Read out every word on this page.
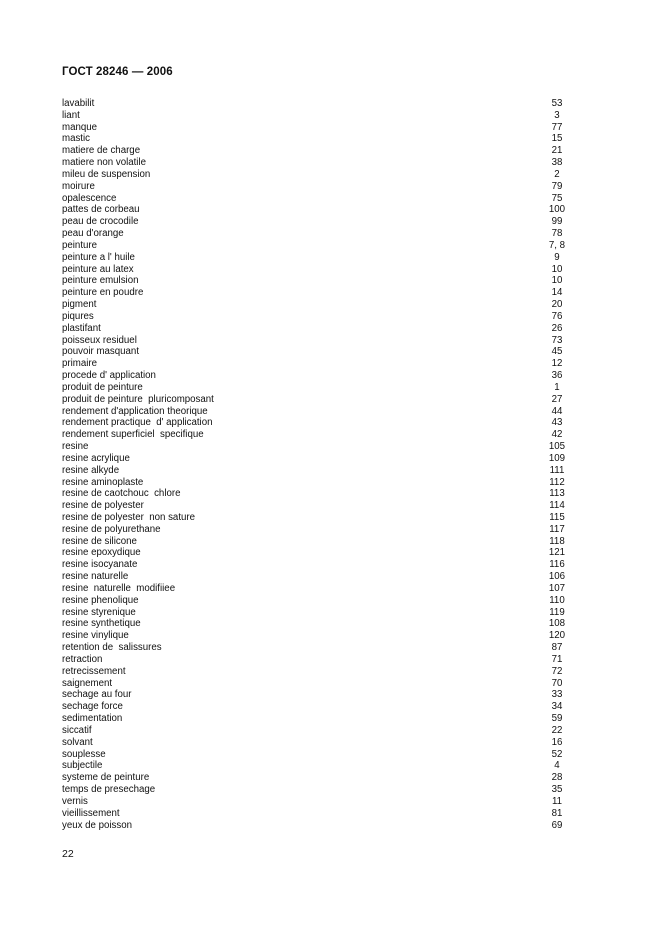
ГОСТ 28246 — 2006
lavabilit	53
liant	3
manque	77
mastic	15
matiere de charge	21
matiere non volatile	38
mileu de suspension	2
moirure	79
opalescence	75
pattes de corbeau	100
peau de crocodile	99
peau d'orange	78
peinture	7, 8
peinture a l' huile	9
peinture au latex	10
peinture emulsion	10
peinture en poudre	14
pigment	20
piqures	76
plastifant	26
poisseux residuel	73
pouvoir masquant	45
primaire	12
procede d' application	36
produit de peinture	1
produit de peinture  pluricomposant	27
rendement d'application theorique	44
rendement practique  d' application	43
rendement superficiel  specifique	42
resine	105
resine acrylique	109
resine alkyde	111
resine aminoplaste	112
resine de caotchouc  chlore	113
resine de polyester	114
resine de polyester  non sature	115
resine de polyurethane	117
resine de silicone	118
resine epoxydique	121
resine isocyanate	116
resine naturelle	106
resine  naturelle  modifiiee	107
resine phenolique	110
resine styrenique	119
resine synthetique	108
resine vinylique	120
retention de  salissures	87
retraction	71
retrecissement	72
saignement	70
sechage au four	33
sechage force	34
sedimentation	59
siccatif	22
solvant	16
souplesse	52
subjectile	4
systeme de peinture	28
temps de presechage	35
vernis	11
vieillissement	81
yeux de poisson	69
22
